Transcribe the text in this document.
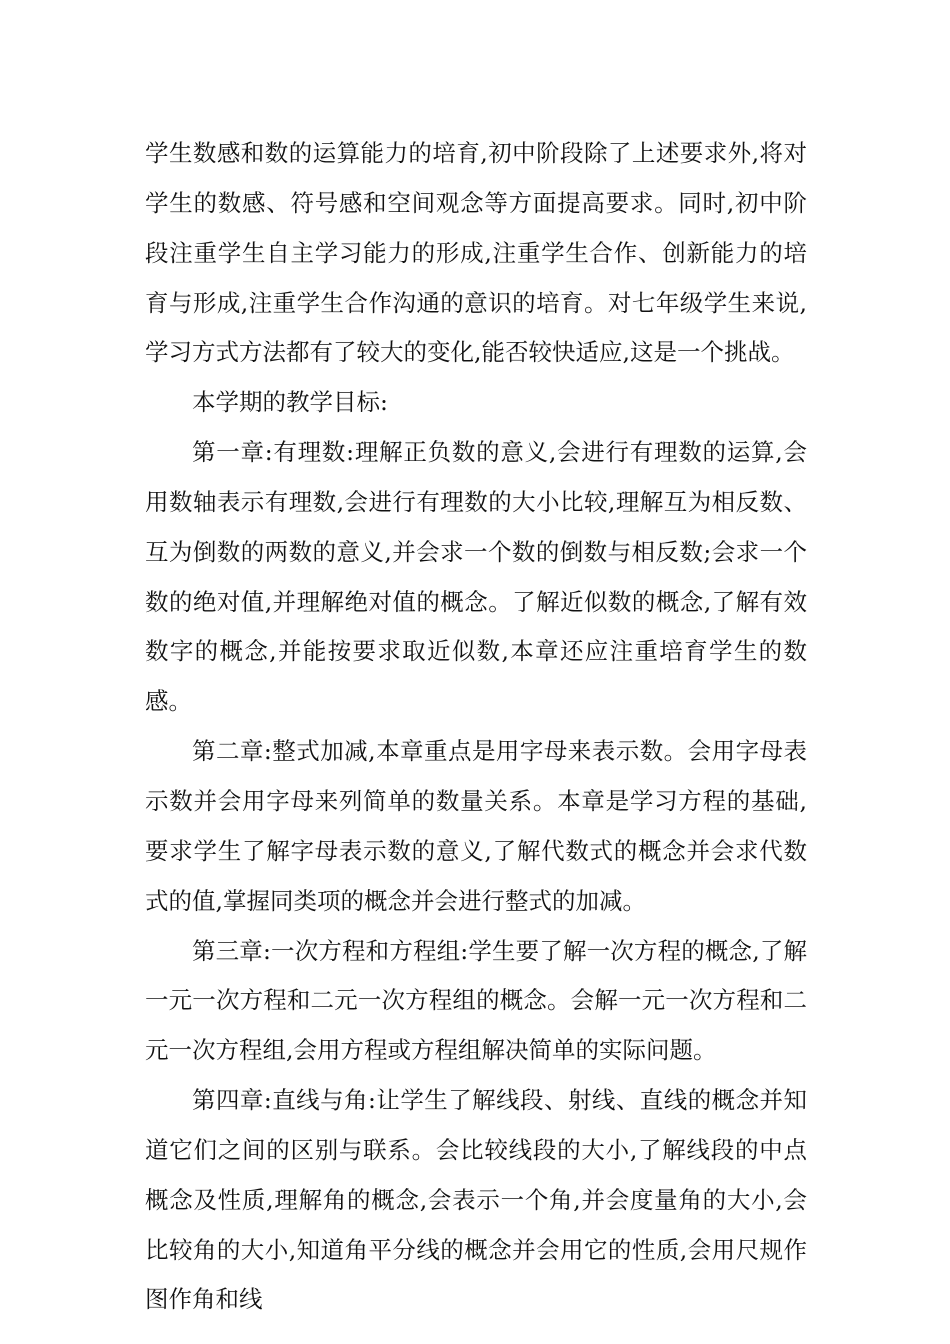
学生数感和数的运算能力的培育,初中阶段除了上述要求外,将对学生的数感、符号感和空间观念等方面提高要求。同时,初中阶段注重学生自主学习能力的形成,注重学生合作、创新能力的培育与形成,注重学生合作沟通的意识的培育。对七年级学生来说,学习方式方法都有了较大的变化,能否较快适应,这是一个挑战。

本学期的教学目标:

第一章:有理数:理解正负数的意义,会进行有理数的运算,会用数轴表示有理数,会进行有理数的大小比较,理解互为相反数、互为倒数的两数的意义,并会求一个数的倒数与相反数;会求一个数的绝对值,并理解绝对值的概念。了解近似数的概念,了解有效数字的概念,并能按要求取近似数,本章还应注重培育学生的数感。

第二章:整式加减,本章重点是用字母来表示数。会用字母表示数并会用字母来列简单的数量关系。本章是学习方程的基础,要求学生了解字母表示数的意义,了解代数式的概念并会求代数式的值,掌握同类项的概念并会进行整式的加减。

第三章:一次方程和方程组:学生要了解一次方程的概念,了解一元一次方程和二元一次方程组的概念。会解一元一次方程和二元一次方程组,会用方程或方程组解决简单的实际问题。

第四章:直线与角:让学生了解线段、射线、直线的概念并知道它们之间的区别与联系。会比较线段的大小,了解线段的中点概念及性质,理解角的概念,会表示一个角,并会度量角的大小,会比较角的大小,知道角平分线的概念并会用它的性质,会用尺规作图作角和线
